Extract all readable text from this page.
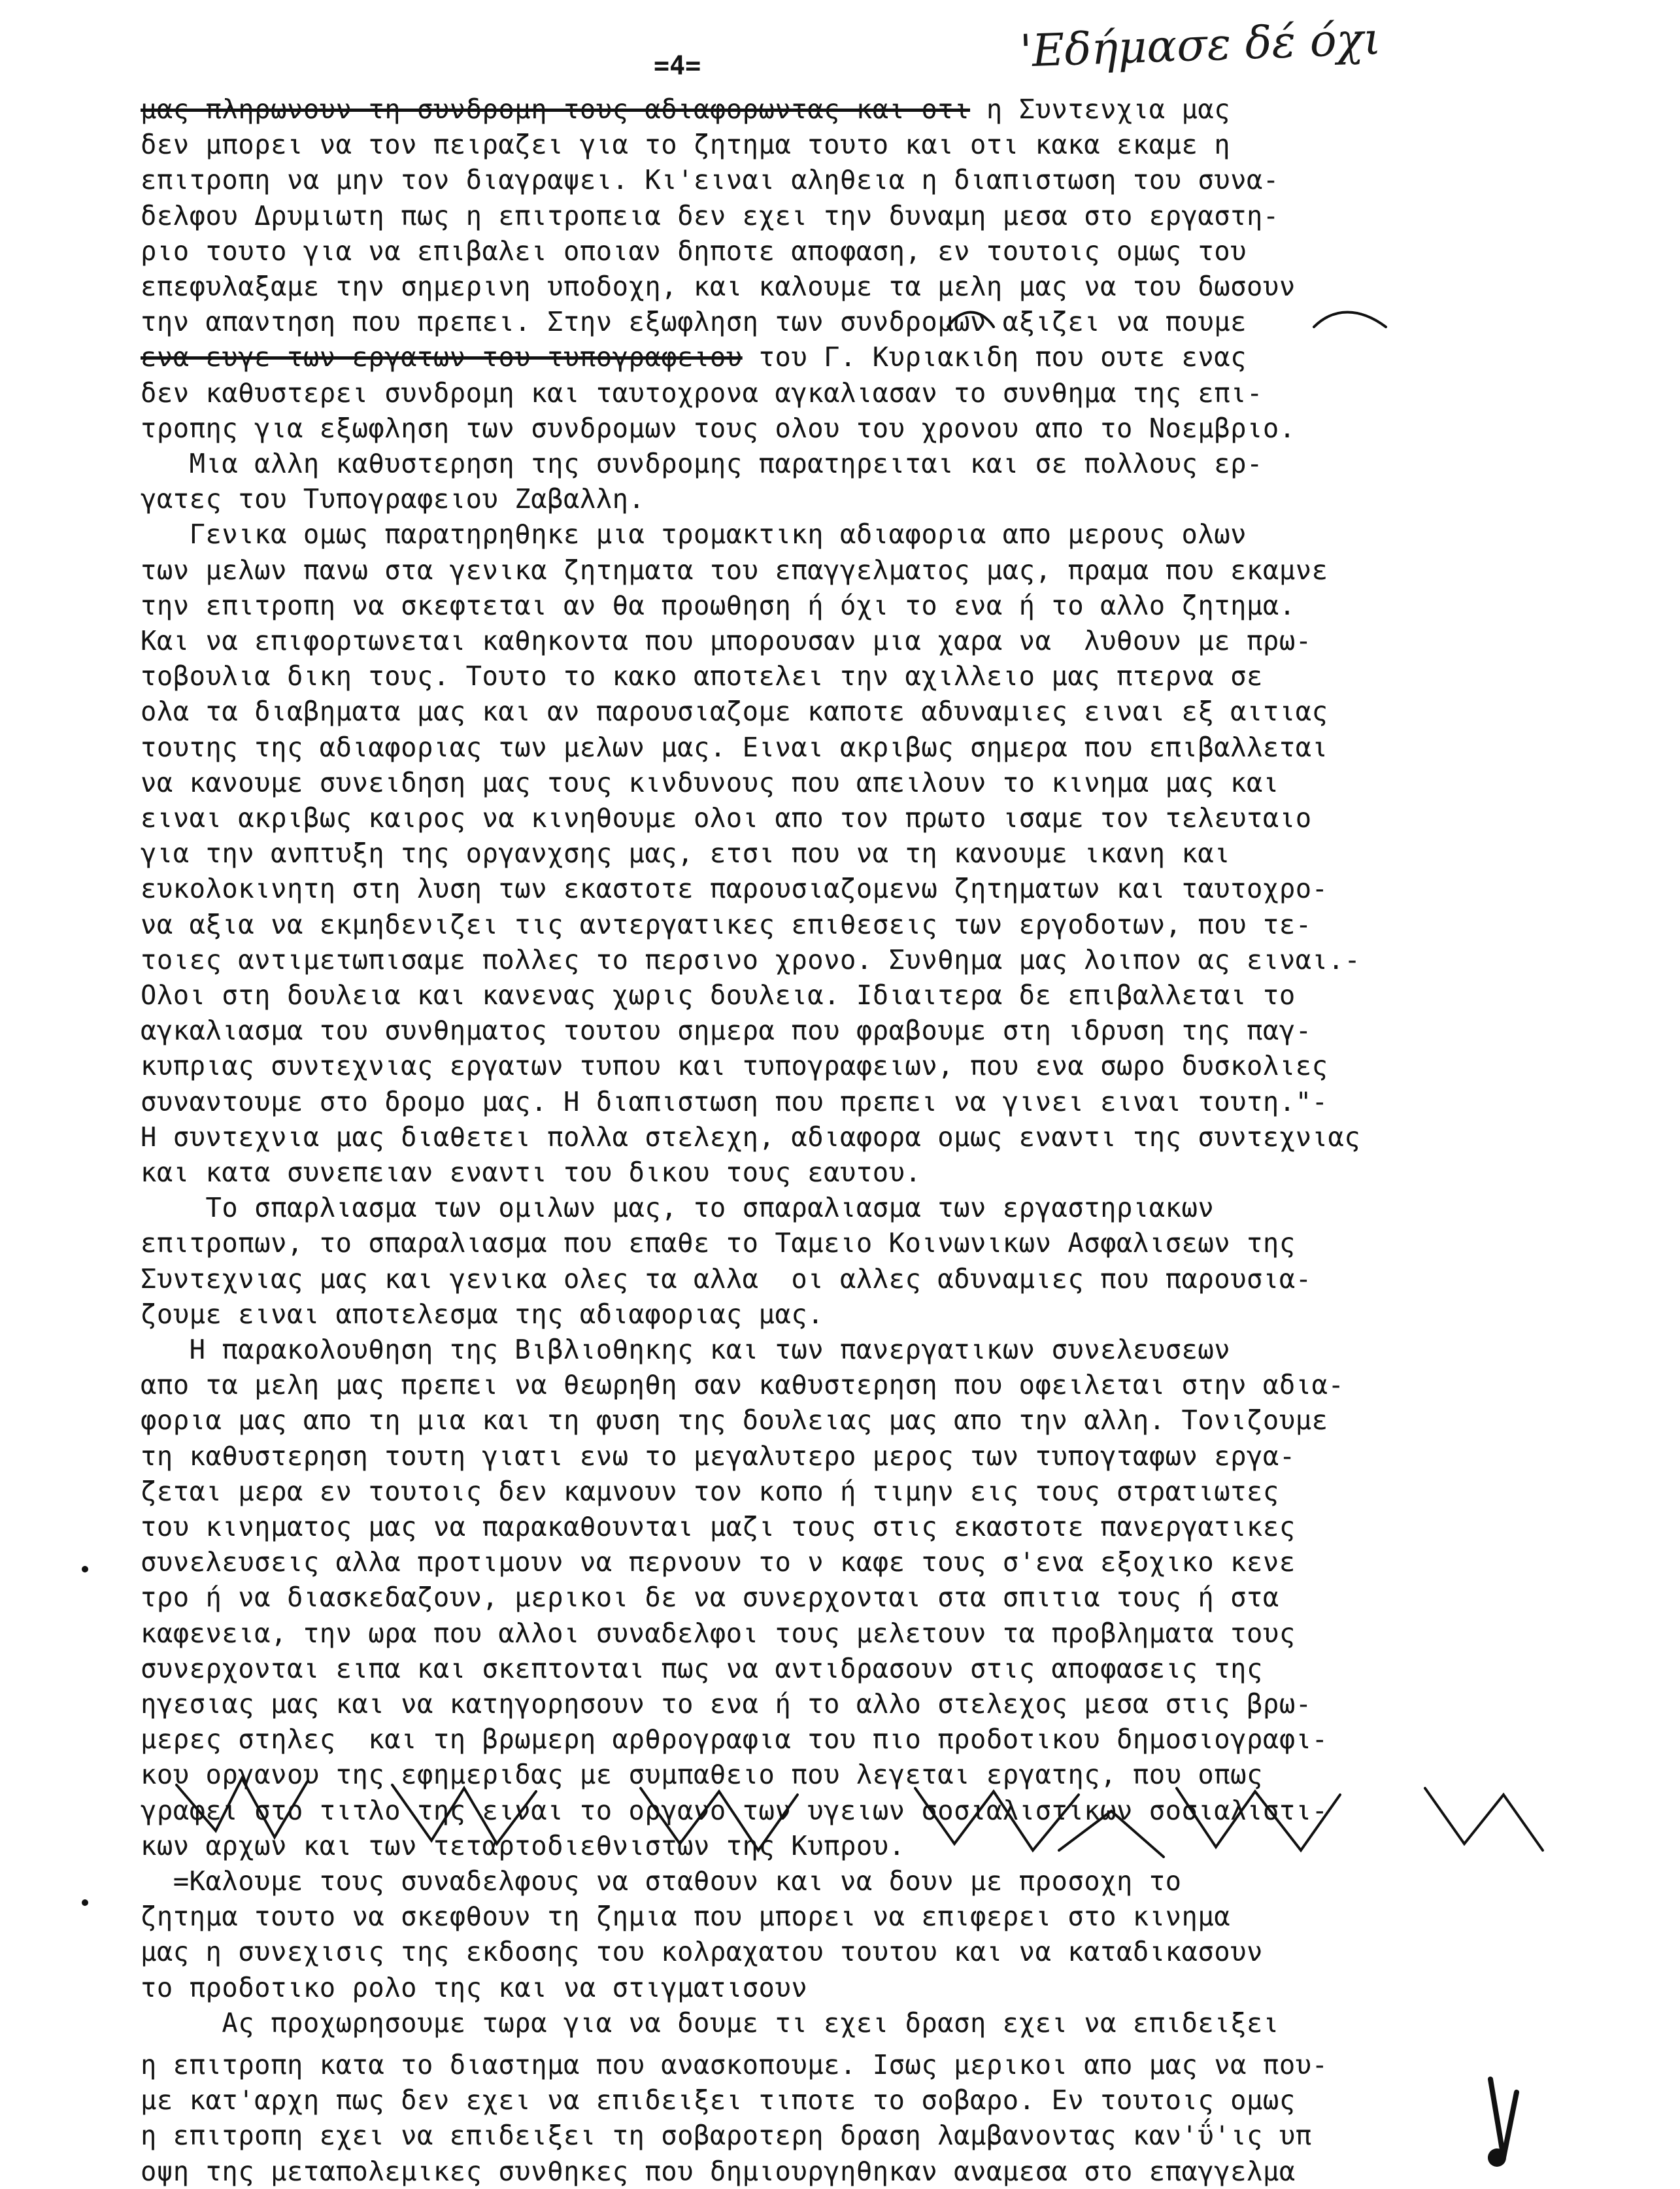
'Εδήμασε δέ όχι
=4=
μας πληρωνουν τη συνδρομη τους αδιαφορωντας και οτι η Συντενχια μας
δεν μπορει να τον πειραζει για το ζητημα τουτο και οτι κακα εκαμε η
επιτροπη να μην τον διαγραψει. Κι'ειναι αληθεια η διαπιστωση του συνα-
δελφου Δρυμιωτη πως η επιτροπεια δεν εχει την δυναμη μεσα στο εργαστη-
ριο τουτο για να επιβαλει οποιαν δηποτε αποφαση, εν τουτοις ομως του
επεφυλαξαμε την σημερινη υποδοχη, και καλουμε τα μελη μας να του δωσουν
την απαντηση που πρεπει. Στην εξωφληση των συνδρομων αξιζει να πουμε
ενα ευγε των εργατων του τυπογραφειου του Γ. Κυριακιδη που ουτε ενας
δεν καθυστερει συνδρομη και ταυτοχρονα αγκαλιασαν το συνθημα της επι-
τροπης για εξωφληση των συνδρομων τους ολου του χρονου απο το Νοεμβριο.
Μια αλλη καθυστερηση της συνδρομης παρατηρειται και σε πολλους ερ-
γατες του Τυπογραφειου Ζαβαλλη.
Γενικα ομως παρατηρηθηκε μια τρομακτικη αδιαφορια απο μερους ολων
των μελων πανω στα γενικα ζητηματα του επαγγελματος μας, πραμα που εκαμνε
την επιτροπη να σκεφτεται αν θα προωθηση ή όχι το ενα ή το αλλο ζητημα.
Και να επιφορτωνεται καθηκοντα που μπορουσαν μια χαρα να  λυθουν με πρω-
τοβουλια δικη τους. Τουτο το κακο αποτελει την αχιλλειο μας πτερνα σε
ολα τα διαβηματα μας και αν παρουσιαζομε καποτε αδυναμιες ειναι εξ αιτιας
τουτης της αδιαφοριας των μελων μας. Ειναι ακριβως σημερα που επιβαλλεται
να κανουμε συνειδηση μας τους κινδυνους που απειλουν το κινημα μας και
ειναι ακριβως καιρος να κινηθουμε ολοι απο τον πρωτο ισαμε τον τελευταιο
για την ανπτυξη της οργανχσης μας, ετσι που να τη κανουμε ικανη και
ευκολοκινητη στη λυση των εκαστοτε παρουσιαζομενω ζητηματων και ταυτοχρο-
να αξια να εκμηδενιζει τις αντεργατικες επιθεσεις των εργοδοτων, που τε-
τοιες αντιμετωπισαμε πολλες το περσινο χρονο. Συνθημα μας λοιπον ας ειναι.-
Ολοι στη δουλεια και κανενας χωρις δουλεια. Ιδιαιτερα δε επιβαλλεται το
αγκαλιασμα του συνθηματος τουτου σημερα που φραβουμε στη ιδρυση της παγ-
κυπριας συντεχνιας εργατων τυπου και τυπογραφειων, που ενα σωρο δυσκολιες
συναντουμε στο δρομο μας. Η διαπιστωση που πρεπει να γινει ειναι τουτη."-
Η συντεχνια μας διαθετει πολλα στελεχη, αδιαφορα ομως εναντι της συντεχνιας
και κατα συνεπειαν εναντι του δικου τους εαυτου.
Το σπαρλιασμα των ομιλων μας, το σπαραλιασμα των εργαστηριακων
επιτροπων, το σπαραλιασμα που επαθε το Ταμειο Κοινωνικων Ασφαλισεων της
Συντεχνιας μας και γενικα ολες τα αλλα  οι αλλες αδυναμιες που παρουσια-
ζουμε ειναι αποτελεσμα της αδιαφοριας μας.
Η παρακολουθηση της Βιβλιοθηκης και των πανεργατικων συνελευσεων
απο τα μελη μας πρεπει να θεωρηθη σαν καθυστερηση που οφειλεται στην αδια-
φορια μας απο τη μια και τη φυση της δουλειας μας απο την αλλη. Τονιζουμε
τη καθυστερηση τουτη γιατι ενω το μεγαλυτερο μερος των τυπογταφων εργα-
ζεται μερα εν τουτοις δεν καμνουν τον κοπο ή τιμην εις τους στρατιωτες
του κινηματος μας να παρακαθουνται μαζι τους στις εκαστοτε πανεργατικες
συνελευσεις αλλα προτιμουν να περνουν το ν καφε τους σ'ενα εξοχικο κενε
τρο ή να διασκεδαζουν, μερικοι δε να συνερχονται στα σπιτια τους ή στα
καφενεια, την ωρα που αλλοι συναδελφοι τους μελετουν τα προβληματα τους
συνερχονται ειπα και σκεπτονται πως να αντιδρασουν στις αποφασεις της
ηγεσιας μας και να κατηγορησουν το ενα ή το αλλο στελεχος μεσα στις βρω-
μερες στηλες  και τη βρωμερη αρθρογραφια του πιο προδοτικου δημοσιογραφι-
κου οργανου της εφημεριδας με συμπαθειο που λεγεται εργατης, που οπως
γραφει στο τιτλο της ειναι το οργανο των υγειων σοσιαλιστικων σοσιαλιστι-
κων αρχων και των τεταρτοδιεθνιστων της Κυπρου.
=Καλουμε τους συναδελφους να σταθουν και να δουν με προσοχη το
ζητημα τουτο να σκεφθουν τη ζημια που μπορει να επιφερει στο κινημα
μας η συνεχισις της εκδοσης του κολραχατου τουτου και να καταδικασουν
το προδοτικο ρολο της και να στιγματισουν
Ας προχωρησουμε τωρα για να δουμε τι εχει δραση εχει να επιδειξει
η επιτροπη κατα το διαστημα που ανασκοπουμε. Ισως μερικοι απο μας να που-
με κατ'αρχη πως δεν εχει να επιδειξει τιποτε το σοβαρο. Εν τουτοις ομως
η επιτροπη εχει να επιδειξει τη σοβαροτερη δραση λαμβανοντας καν'ΰ'ις υπ
οψη της μεταπολεμικες συνθηκες που δημιουργηθηκαν αναμεσα στο επαγγελμα
